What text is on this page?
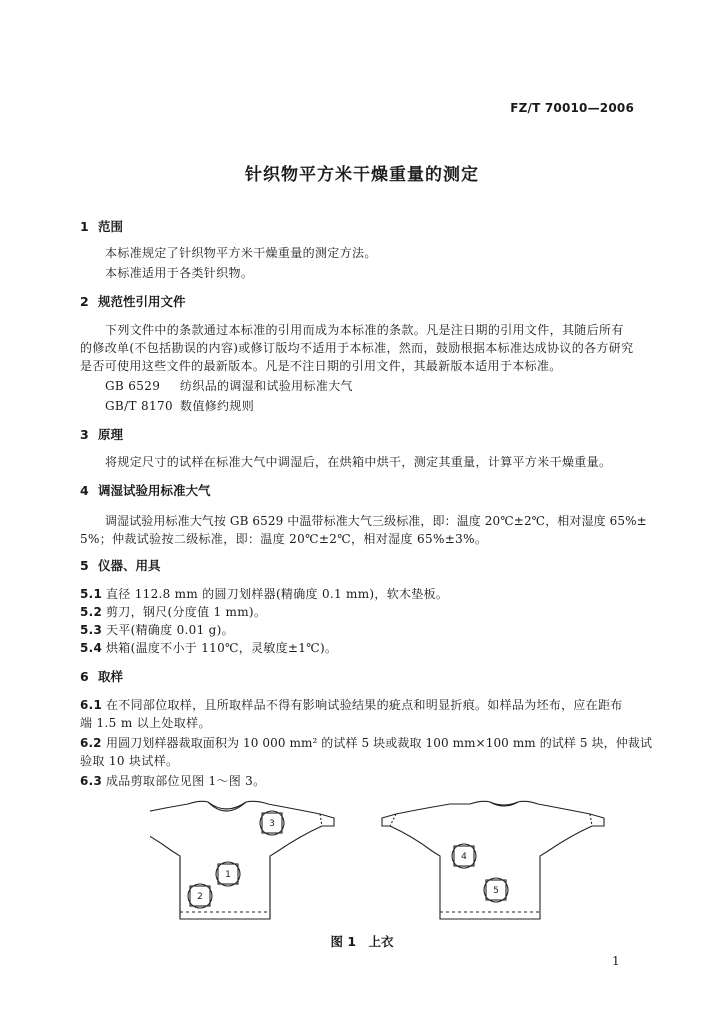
FZ/T 70010—2006
针织物平方米干燥重量的测定
1 范围
本标准规定了针织物平方米干燥重量的测定方法。
本标准适用于各类针织物。
2 规范性引用文件
下列文件中的条款通过本标准的引用而成为本标准的条款。凡是注日期的引用文件，其随后所有
的修改单(不包括勘误的内容)或修订版均不适用于本标准，然而，鼓励根据本标准达成协议的各方研究
是否可使用这些文件的最新版本。凡是不注日期的引用文件，其最新版本适用于本标准。
GB 6529 纺织品的调湿和试验用标准大气
GB/T 8170 数值修约规则
3 原理
将规定尺寸的试样在标准大气中调湿后，在烘箱中烘干，测定其重量，计算平方米干燥重量。
4 调湿试验用标准大气
调湿试验用标准大气按 GB 6529 中温带标准大气三级标准，即：温度 20℃±2℃，相对湿度 65%±
5%；仲裁试验按二级标准，即：温度 20℃±2℃，相对湿度 65%±3%。
5 仪器、用具
5.1 直径 112.8 mm 的圆刀划样器(精确度 0.1 mm)，软木垫板。
5.2 剪刀，钢尺(分度值 1 mm)。
5.3 天平(精确度 0.01 g)。
5.4 烘箱(温度不小于 110℃，灵敏度±1℃)。
6 取样
6.1 在不同部位取样，且所取样品不得有影响试验结果的疵点和明显折痕。如样品为坯布，应在距布
端 1.5 m 以上处取样。
6.2 用圆刀划样器裁取面积为 10 000 mm² 的试样 5 块或裁取 100 mm×100 mm 的试样 5 块，仲裁试
验取 10 块试样。
6.3 成品剪取部位见图 1～图 3。
1
2
3
4
5
图 1　上衣
1
